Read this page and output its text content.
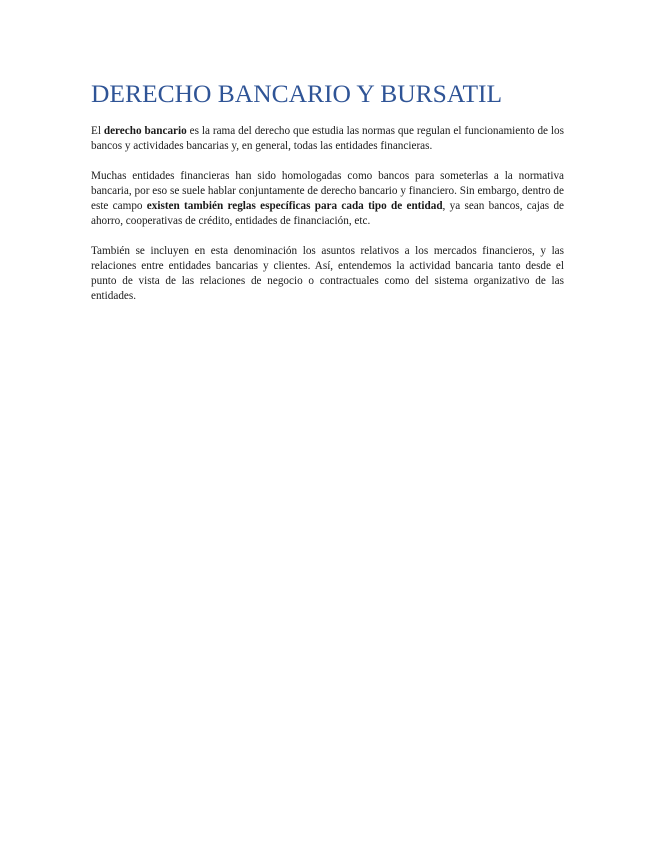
DERECHO BANCARIO Y BURSATIL

El derecho bancario es la rama del derecho que estudia las normas que regulan el funcionamiento de los bancos y actividades bancarias y, en general, todas las entidades financieras.

Muchas entidades financieras han sido homologadas como bancos para someterlas a la normativa bancaria, por eso se suele hablar conjuntamente de derecho bancario y financiero. Sin embargo, dentro de este campo existen también reglas específicas para cada tipo de entidad, ya sean bancos, cajas de ahorro, cooperativas de crédito, entidades de financiación, etc.

También se incluyen en esta denominación los asuntos relativos a los mercados financieros, y las relaciones entre entidades bancarias y clientes. Así, entendemos la actividad bancaria tanto desde el punto de vista de las relaciones de negocio o contractuales como del sistema organizativo de las entidades.
